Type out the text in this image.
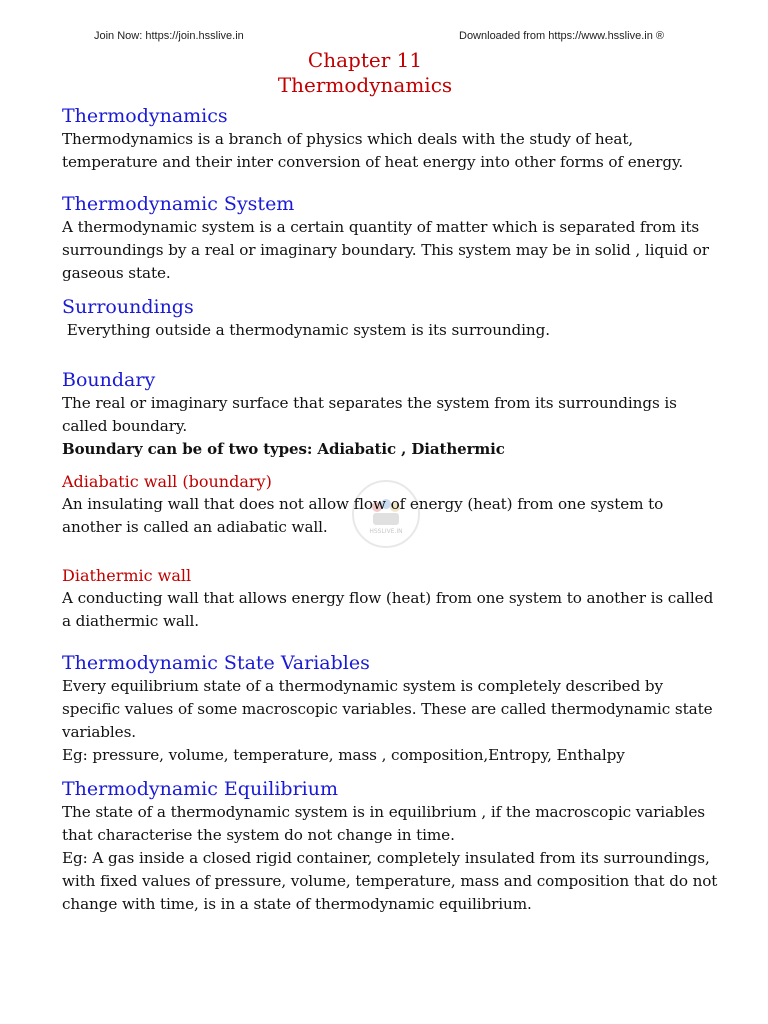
Join Now: https://join.hsslive.in	Downloaded from https://www.hsslive.in ®
Chapter 11
Thermodynamics
HSSLIVE.IN
Thermodynamics

Thermodynamics is a branch of physics which deals with the study of heat, temperature and their inter conversion of heat energy into other forms of energy.

Thermodynamic System

A thermodynamic system is a certain quantity of matter which is separated from its surroundings by a real or imaginary boundary. This system may be in solid , liquid or gaseous state.

Surroundings

Everything outside a thermodynamic system is its surrounding.

Boundary

The real or imaginary surface that separates the system from its surroundings is called boundary.

Boundary can be of two types: Adiabatic , Diathermic

Adiabatic wall (boundary)

An insulating wall that does not allow flow of energy (heat) from one system to another is called an adiabatic wall.

Diathermic wall

A conducting wall that allows energy flow (heat) from one system to another is called a diathermic wall.

Thermodynamic State Variables

Every equilibrium state of a thermodynamic system is completely described by specific values of some macroscopic variables. These are called thermodynamic state variables.

Eg: pressure, volume, temperature, mass , composition,Entropy, Enthalpy

Thermodynamic Equilibrium

The state of a thermodynamic system is in equilibrium , if the macroscopic variables that characterise the system do not change in time.

Eg: A gas inside a closed rigid container, completely insulated from its surroundings, with fixed values of pressure, volume, temperature, mass and composition that do not change with time, is in a state of thermodynamic equilibrium.
